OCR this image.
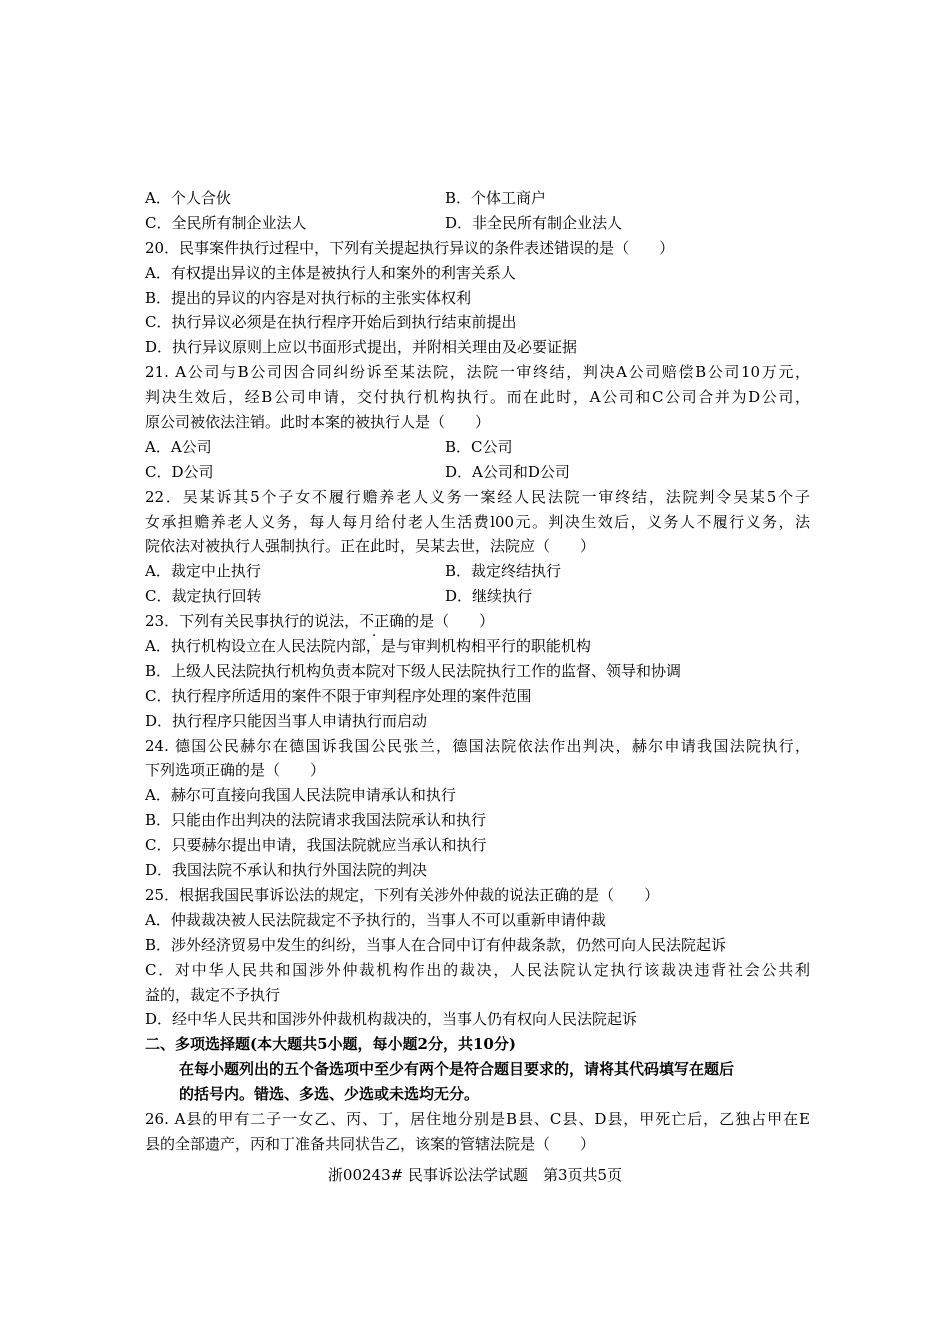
A．个人合伙	B．个体工商户
C．全民所有制企业法人	D．非全民所有制企业法人
20．民事案件执行过程中，下列有关提起执行异议的条件表述错误的是（　　）
A．有权提出异议的主体是被执行人和案外的利害关系人
B．提出的异议的内容是对执行标的主张实体权利
C．执行异议必须是在执行程序开始后到执行结束前提出
D．执行异议原则上应以书面形式提出，并附相关理由及必要证据
21. A公司与B公司因合同纠纷诉至某法院，法院一审终结，判决A公司赔偿B公司10万元，
判决生效后，经B公司申请，交付执行机构执行。而在此时，A公司和C公司合并为D公司，
原公司被依法注销。此时本案的被执行人是（　　）
A．A公司	B．C公司
C．D公司	D．A公司和D公司
22．吴某诉其5个子女不履行赡养老人义务一案经人民法院一审终结，法院判令吴某5个子
女承担赡养老人义务，每人每月给付老人生活费l00元。判决生效后，义务人不履行义务，法
院依法对被执行人强制执行。正在此时，吴某去世，法院应（　　）
A．裁定中止执行	B．裁定终结执行
C．裁定执行回转	D．继续执行
23．下列有关民事执行的说法，不正确的是（　　）
A．执行机构设立在人民法院内部，是与审判机构相平行的职能机构
B．上级人民法院执行机构负责本院对下级人民法院执行工作的监督、领导和协调
C．执行程序所适用的案件不限于审判程序处理的案件范围
D．执行程序只能因当事人申请执行而启动
24. 德国公民赫尔在德国诉我国公民张兰，德国法院依法作出判决，赫尔申请我国法院执行，
下列选项正确的是（　　）
A．赫尔可直接向我国人民法院申请承认和执行
B．只能由作出判决的法院请求我国法院承认和执行
C．只要赫尔提出申请，我国法院就应当承认和执行
D．我国法院不承认和执行外国法院的判决
25．根据我国民事诉讼法的规定，下列有关涉外仲裁的说法正确的是（　　）
A．仲裁裁决被人民法院裁定不予执行的，当事人不可以重新申请仲裁
B．涉外经济贸易中发生的纠纷，当事人在合同中订有仲裁条款，仍然可向人民法院起诉
C．对中华人民共和国涉外仲裁机构作出的裁决，人民法院认定执行该裁决违背社会公共利
益的，裁定不予执行
D．经中华人民共和国涉外仲裁机构裁决的，当事人仍有权向人民法院起诉
二、多项选择题(本大题共5小题，每小题2分，共10分)
在每小题列出的五个备选项中至少有两个是符合题目要求的，请将其代码填写在题后
的括号内。错选、多选、少选或未选均无分。
26. A县的甲有二子一女乙、丙、丁，居住地分别是B县、C县、D县，甲死亡后，乙独占甲在E
县的全部遗产，丙和丁准备共同状告乙，该案的管辖法院是（　　）
浙00243# 民事诉讼法学试题　第3页共5页
